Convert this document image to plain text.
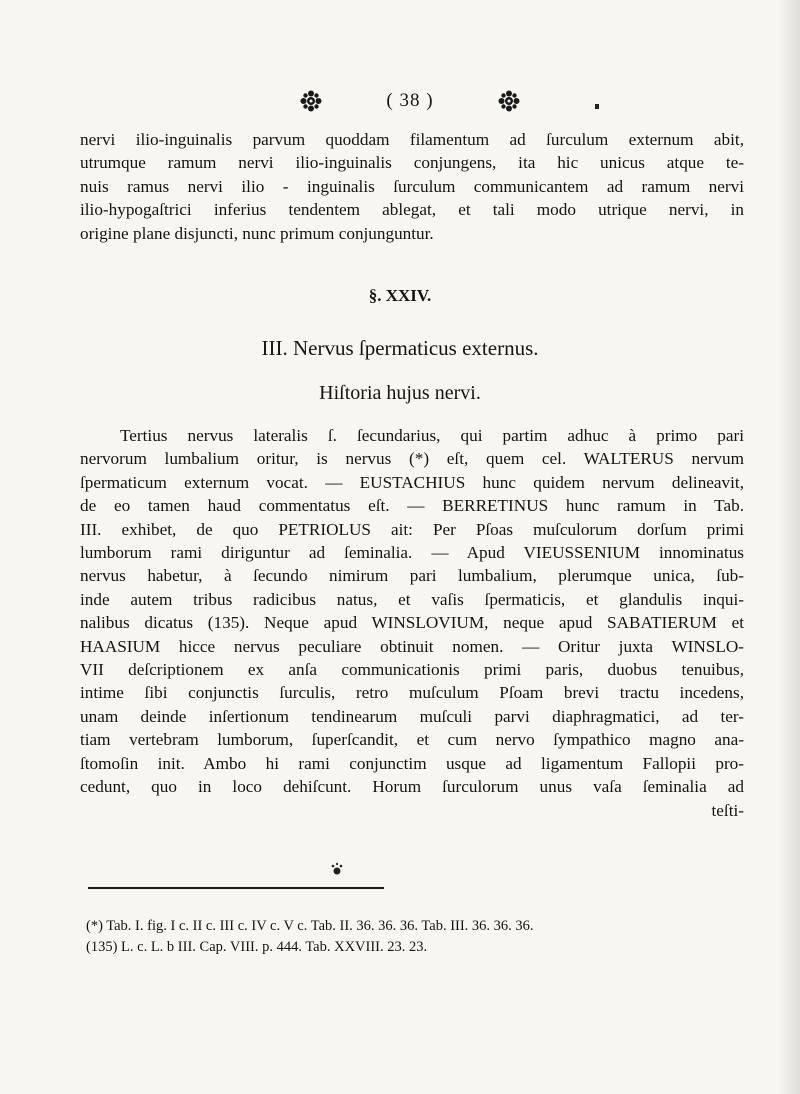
( 38 )
nervi ilio-inguinalis parvum quoddam filamentum ad ſurculum externum abit,
utrumque ramum nervi ilio-inguinalis conjungens, ita hic unicus atque te-
nuis ramus nervi ilio - inguinalis ſurculum communicantem ad ramum nervi
ilio-hypogaſtrici inferius tendentem ablegat, et tali modo utrique nervi, in
origine plane disjuncti, nunc primum conjunguntur.
§. XXIV.
III. Nervus ſpermaticus externus.
Hiſtoria hujus nervi.
Tertius nervus lateralis ſ. ſecundarius, qui partim adhuc à primo pari
nervorum lumbalium oritur, is nervus (*) eſt, quem cel. WALTERUS nervum
ſpermaticum externum vocat. — EUSTACHIUS hunc quidem nervum delineavit,
de eo tamen haud commentatus eſt. — BERRETINUS hunc ramum in Tab.
III. exhibet, de quo PETRIOLUS ait: Per Pſoas muſculorum dorſum primi
lumborum rami diriguntur ad ſeminalia. — Apud VIEUSSENIUM innominatus
nervus habetur, à ſecundo nimirum pari lumbalium, plerumque unica, ſub-
inde autem tribus radicibus natus, et vaſis ſpermaticis, et glandulis inqui-
nalibus dicatus (135). Neque apud WINSLOVIUM, neque apud SABATIERUM et
HAASIUM hicce nervus peculiare obtinuit nomen. — Oritur juxta WINSLO-
VII deſcriptionem ex anſa communicationis primi paris, duobus tenuibus,
intime ſibi conjunctis ſurculis, retro muſculum Pſoam brevi tractu incedens,
unam deinde inſertionum tendinearum muſculi parvi diaphragmatici, ad ter-
tiam vertebram lumborum, ſuperſcandit, et cum nervo ſympathico magno ana-
ſtomoſin init. Ambo hi rami conjunctim usque ad ligamentum Fallopii pro-
cedunt, quo in loco dehiſcunt. Horum ſurculorum unus vaſa ſeminalia ad
teſti-
(*) Tab. I. fig. I c. II c. III c. IV c. V c. Tab. II. 36. 36. 36. Tab. III. 36. 36. 36.
(135) L. c. L. b III. Cap. VIII. p. 444. Tab. XXVIII. 23. 23.
